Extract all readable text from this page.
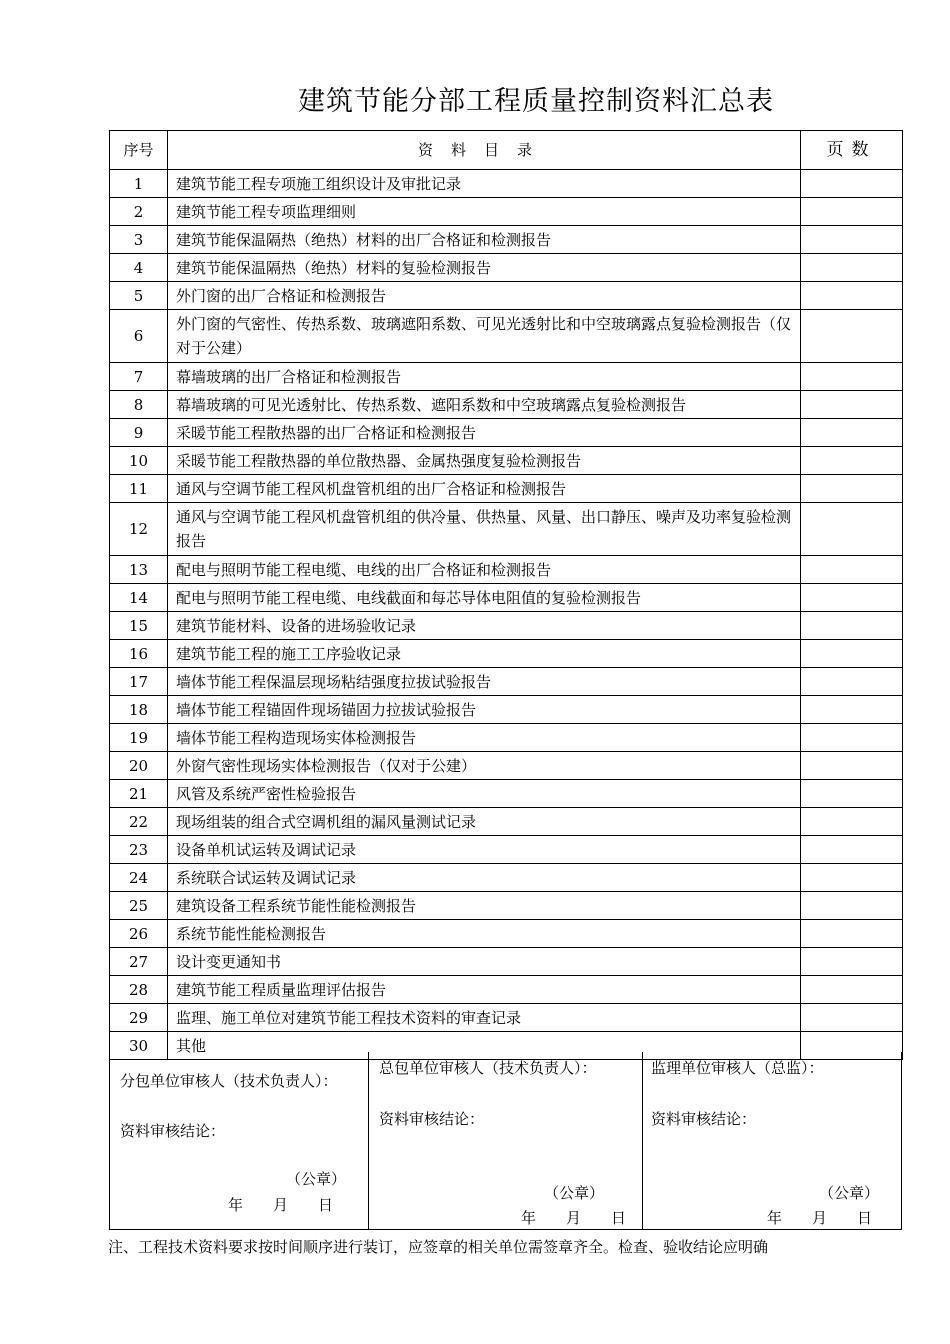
建筑节能分部工程质量控制资料汇总表
序号	资料目录	页数
1	建筑节能工程专项施工组织设计及审批记录	
2	建筑节能工程专项监理细则	
3	建筑节能保温隔热（绝热）材料的出厂合格证和检测报告	
4	建筑节能保温隔热（绝热）材料的复验检测报告	
5	外门窗的出厂合格证和检测报告	
6	外门窗的气密性、传热系数、玻璃遮阳系数、可见光透射比和中空玻璃露点复验检测报告（仅对于公建）	
7	幕墙玻璃的出厂合格证和检测报告	
8	幕墙玻璃的可见光透射比、传热系数、遮阳系数和中空玻璃露点复验检测报告	
9	采暖节能工程散热器的出厂合格证和检测报告	
10	采暖节能工程散热器的单位散热器、金属热强度复验检测报告	
11	通风与空调节能工程风机盘管机组的出厂合格证和检测报告	
12	通风与空调节能工程风机盘管机组的供冷量、供热量、风量、出口静压、噪声及功率复验检测报告	
13	配电与照明节能工程电缆、电线的出厂合格证和检测报告	
14	配电与照明节能工程电缆、电线截面和每芯导体电阻值的复验检测报告	
15	建筑节能材料、设备的进场验收记录	
16	建筑节能工程的施工工序验收记录	
17	墙体节能工程保温层现场粘结强度拉拔试验报告	
18	墙体节能工程锚固件现场锚固力拉拔试验报告	
19	墙体节能工程构造现场实体检测报告	
20	外窗气密性现场实体检测报告（仅对于公建）	
21	风管及系统严密性检验报告	
22	现场组装的组合式空调机组的漏风量测试记录	
23	设备单机试运转及调试记录	
24	系统联合试运转及调试记录	
25	建筑设备工程系统节能性能检测报告	
26	系统节能性能检测报告	
27	设计变更通知书	
28	建筑节能工程质量监理评估报告	
29	监理、施工单位对建筑节能工程技术资料的审查记录	
30	其他	
分包单位审核人（技术负责人）：
资料审核结论：
（公章）
年　　月　　日
总包单位审核人（技术负责人）：
资料审核结论：
（公章）
年　　月　　日
监理单位审核人（总监）：
资料审核结论：
（公章）
年　　月　　日
注、工程技术资料要求按时间顺序进行装订，应签章的相关单位需签章齐全。检查、验收结论应明确
